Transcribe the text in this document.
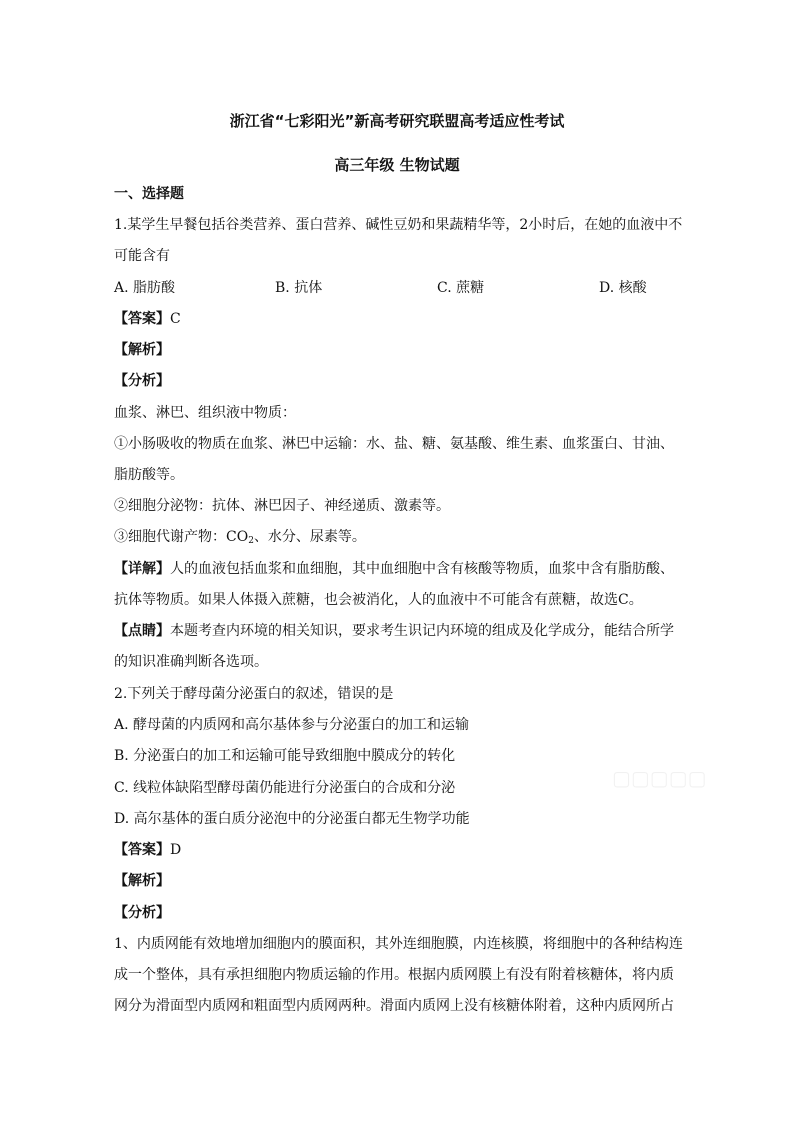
浙江省“七彩阳光”新高考研究联盟高考适应性考试
高三年级 生物试题
一、选择题
1.某学生早餐包括谷类营养、蛋白营养、碱性豆奶和果蔬精华等，2小时后，在她的血液中不
可能含有
A. 脂肪酸	B. 抗体	C. 蔗糖	D. 核酸
【答案】C
【解析】
【分析】
血浆、淋巴、组织液中物质：
①小肠吸收的物质在血浆、淋巴中运输：水、盐、糖、氨基酸、维生素、血浆蛋白、甘油、
脂肪酸等。
②细胞分泌物：抗体、淋巴因子、神经递质、激素等。
③细胞代谢产物：$CO_2$、水分、尿素等。
【详解】人的血液包括血浆和血细胞，其中血细胞中含有核酸等物质，血浆中含有脂肪酸、
抗体等物质。如果人体摄入蔗糖，也会被消化，人的血液中不可能含有蔗糖，故选C。
【点睛】本题考查内环境的相关知识，要求考生识记内环境的组成及化学成分，能结合所学
的知识准确判断各选项。
2.下列关于酵母菌分泌蛋白的叙述，错误的是
A. 酵母菌的内质网和高尔基体参与分泌蛋白的加工和运输
B. 分泌蛋白的加工和运输可能导致细胞中膜成分的转化
C. 线粒体缺陷型酵母菌仍能进行分泌蛋白的合成和分泌
D. 高尔基体的蛋白质分泌泡中的分泌蛋白都无生物学功能
【答案】D
【解析】
【分析】
1、内质网能有效地增加细胞内的膜面积，其外连细胞膜，内连核膜，将细胞中的各种结构连
成一个整体，具有承担细胞内物质运输的作用。根据内质网膜上有没有附着核糖体，将内质
网分为滑面型内质网和粗面型内质网两种。滑面内质网上没有核糖体附着，这种内质网所占
▢▢▢▢▢
